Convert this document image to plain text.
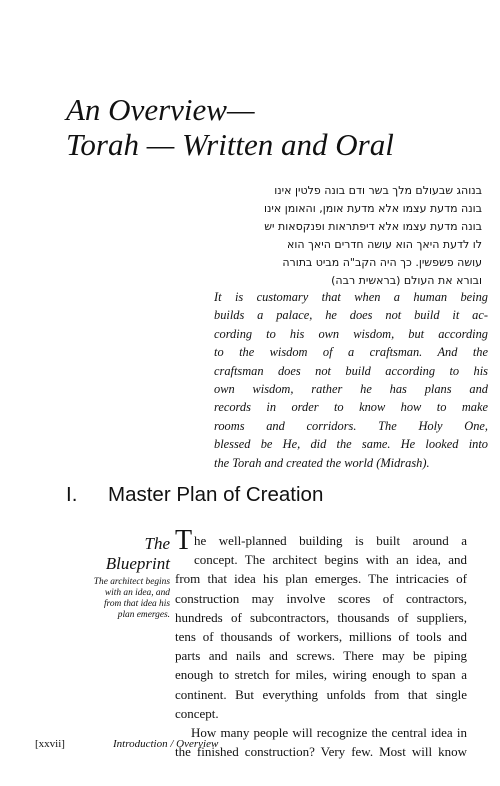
An Overview—
Torah — Written and Oral
בנוהג שבעולם מלך בשר ודם בונה פלטין אינו
בונה מדעת עצמו אלא מדעת אומן, והאומן אינו
בונה מדעת עצמו אלא דיפתראות ופנקסאות יש
לו לדעת היאך הוא עושה חדרים היאך הוא
עושה פשפשין. כך היה הקב"ה מביט בתורה
ובורא את העולם (בראשית רבה)
It is customary that when a human being
builds a palace, he does not build it ac-
cording to his own wisdom, but according
to the wisdom of a craftsman. And the
craftsman does not build according to his
own wisdom, rather he has plans and
records in order to know how to make
rooms and corridors. The Holy One,
blessed be He, did the same. He looked into
the Torah and created the world (Midrash).
I. Master Plan of Creation
The
Blueprint
The architect begins
with an idea, and
from that idea his
plan emerges.
T he well-planned building is built around a
concept. The architect begins with an idea, and
from that idea his plan emerges. The intricacies of
construction may involve scores of contractors,
hundreds of subcontractors, thousands of suppliers,
tens of thousands of workers, millions of tools and
parts and nails and screws. There may be piping
enough to stretch for miles, wiring enough to span a
continent. But everything unfolds from that single
concept.
How many people will recognize the central idea in
the finished construction? Very few. Most will know
[xxvii]	Introduction / Overview
